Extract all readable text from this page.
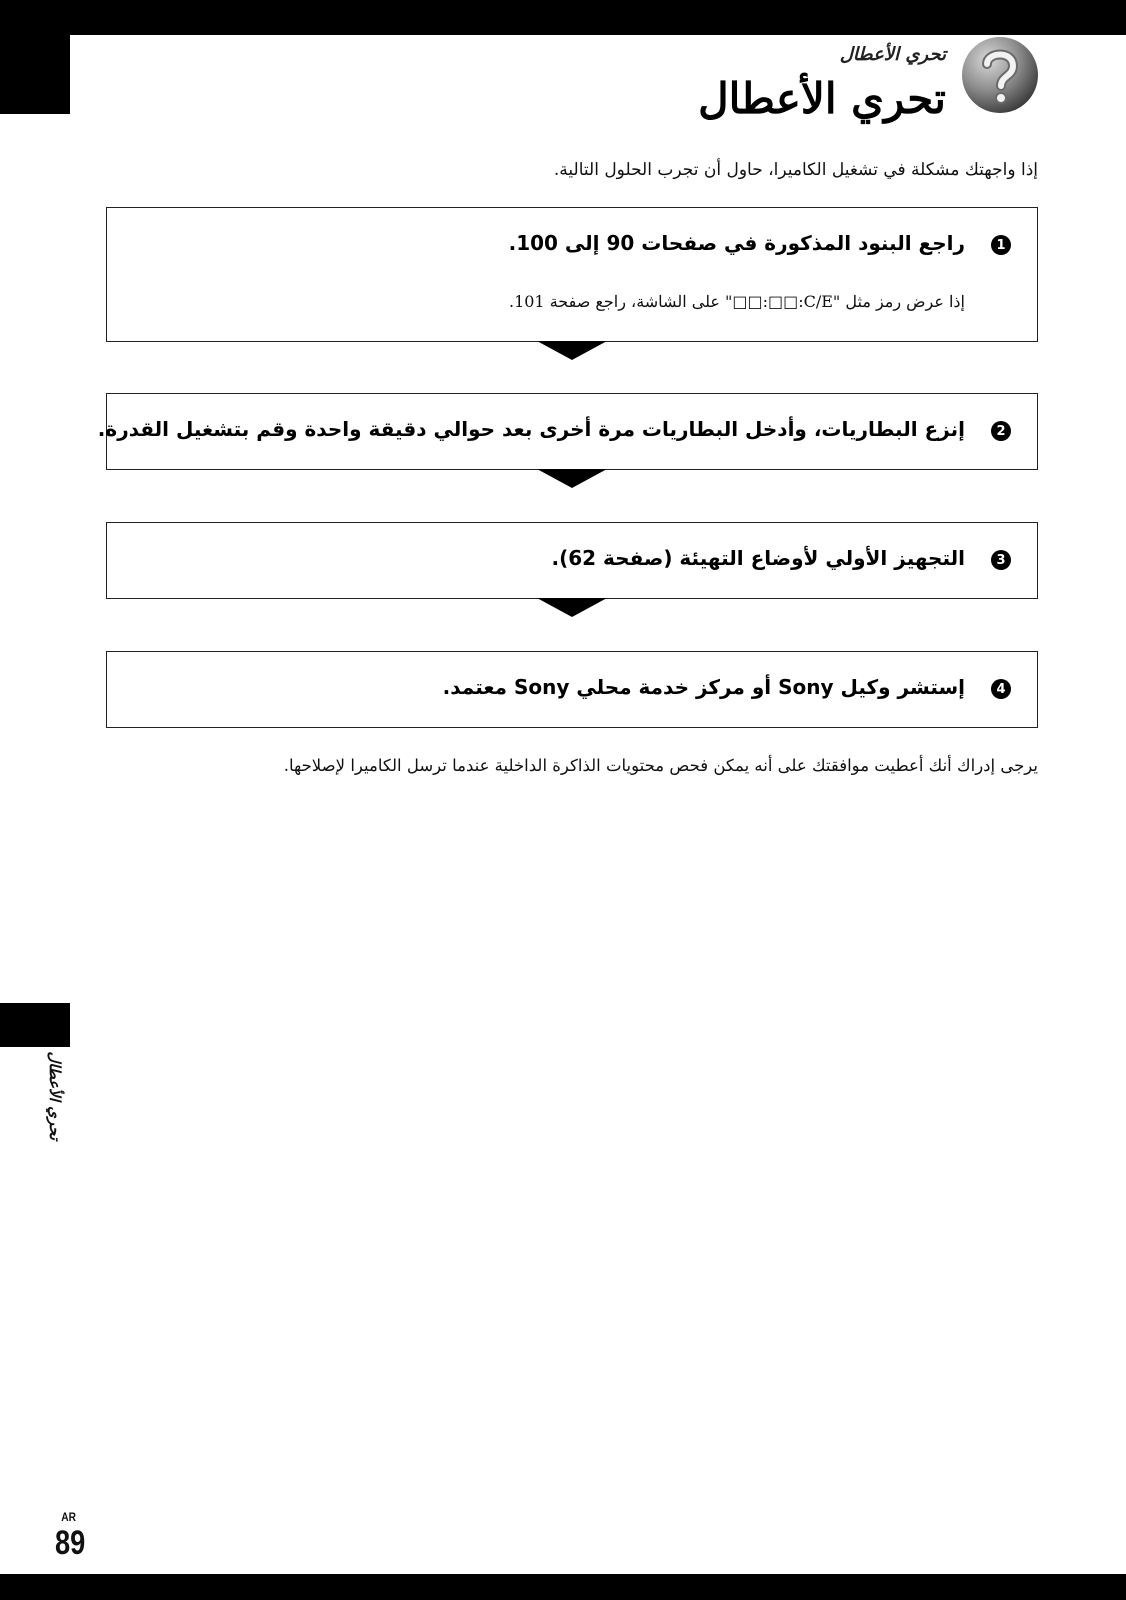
تحري الأعطال
تحري الأعطال
إذا واجهتك مشكلة في تشغيل الكاميرا، حاول أن تجرب الحلول التالية.
1
راجع البنود المذكورة في صفحات 90 إلى 100.
إذا عرض رمز مثل "C/E:□□:□□" على الشاشة، راجع صفحة 101.
2
إنزع البطاريات، وأدخل البطاريات مرة أخرى بعد حوالي دقيقة واحدة وقم بتشغيل القدرة.
3
التجهيز الأولي لأوضاع التهيئة (صفحة 62).
4
إستشر وكيل Sony أو مركز خدمة محلي Sony معتمد.
يرجى إدراك أنك أعطيت موافقتك على أنه يمكن فحص محتويات الذاكرة الداخلية عندما ترسل الكاميرا لإصلاحها.
تحري الأعطال
AR
89
